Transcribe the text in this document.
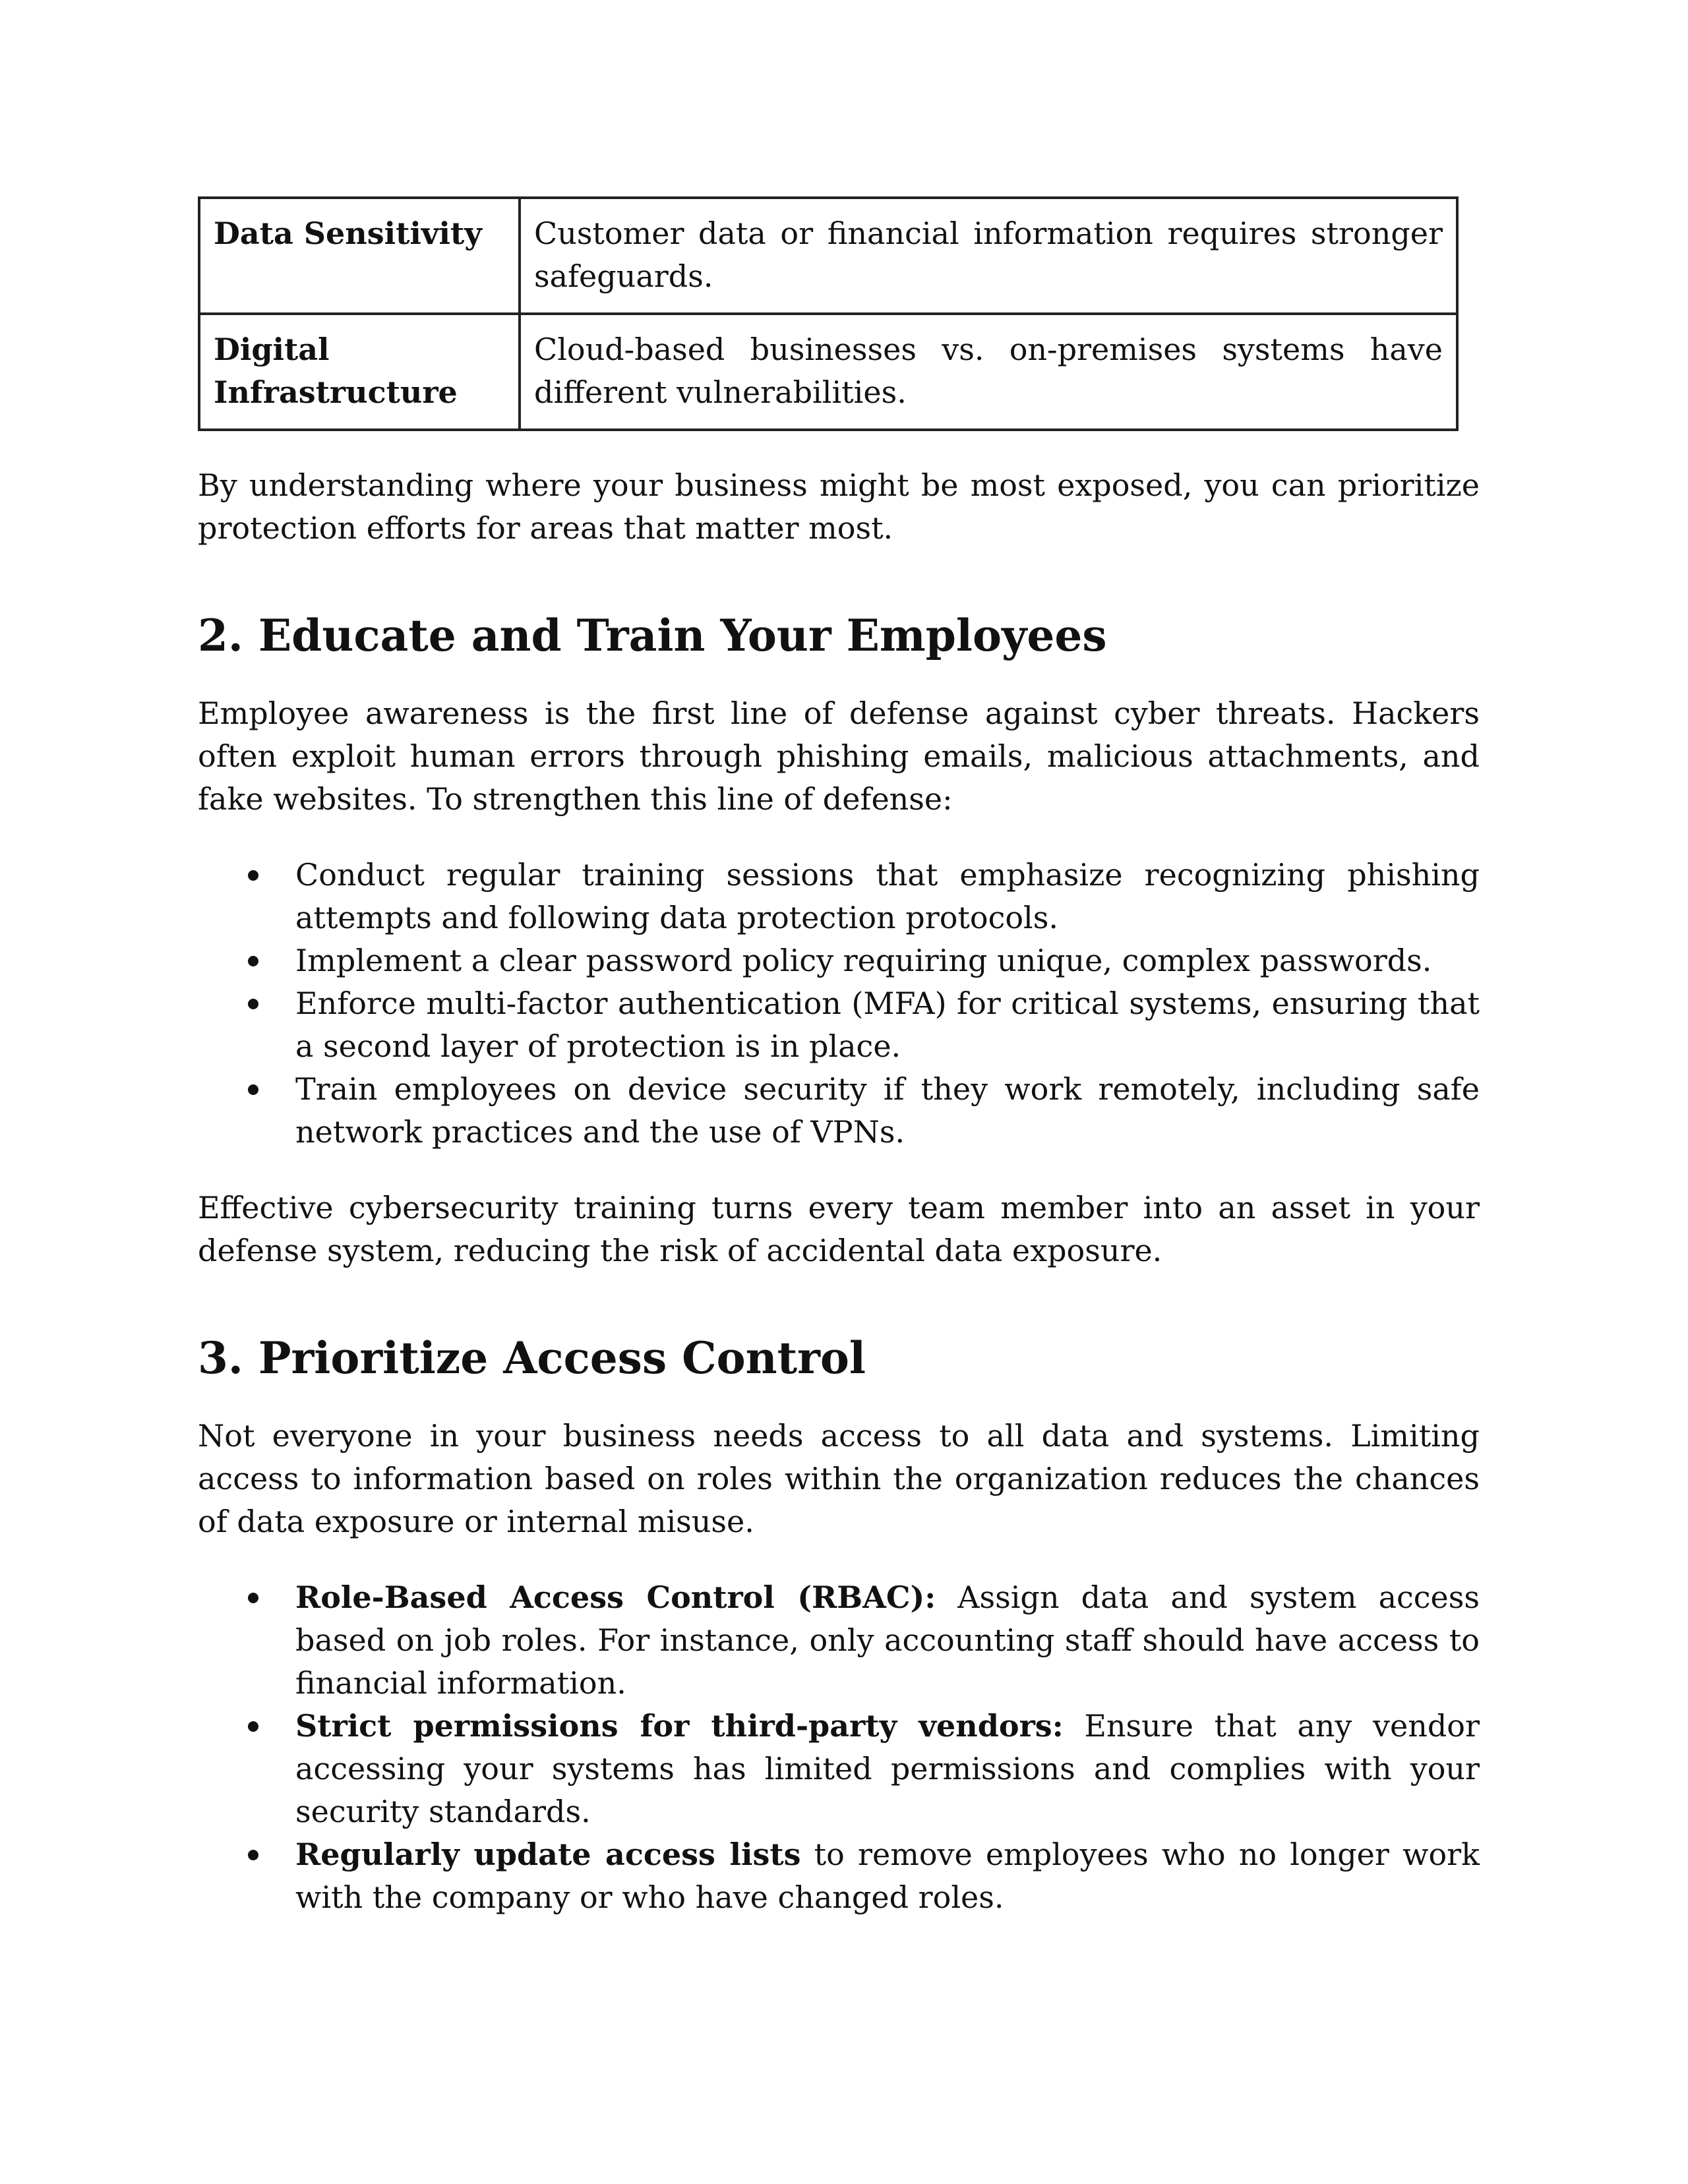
Data Sensitivity	Customer data or financial information requires stronger safeguards.
Digital Infrastructure	Cloud-based businesses vs. on-premises systems have different vulnerabilities.

By understanding where your business might be most exposed, you can prioritize protection efforts for areas that matter most.

2. Educate and Train Your Employees

Employee awareness is the first line of defense against cyber threats. Hackers often exploit human errors through phishing emails, malicious attachments, and fake websites. To strengthen this line of defense:

Conduct regular training sessions that emphasize recognizing phishing attempts and following data protection protocols.
Implement a clear password policy requiring unique, complex passwords.
Enforce multi-factor authentication (MFA) for critical systems, ensuring that a second layer of protection is in place.
Train employees on device security if they work remotely, including safe network practices and the use of VPNs.

Effective cybersecurity training turns every team member into an asset in your defense system, reducing the risk of accidental data exposure.

3. Prioritize Access Control

Not everyone in your business needs access to all data and systems. Limiting access to information based on roles within the organization reduces the chances of data exposure or internal misuse.

Role-Based Access Control (RBAC): Assign data and system access based on job roles. For instance, only accounting staff should have access to financial information.
Strict permissions for third-party vendors: Ensure that any vendor accessing your systems has limited permissions and complies with your security standards.
Regularly update access lists to remove employees who no longer work with the company or who have changed roles.
